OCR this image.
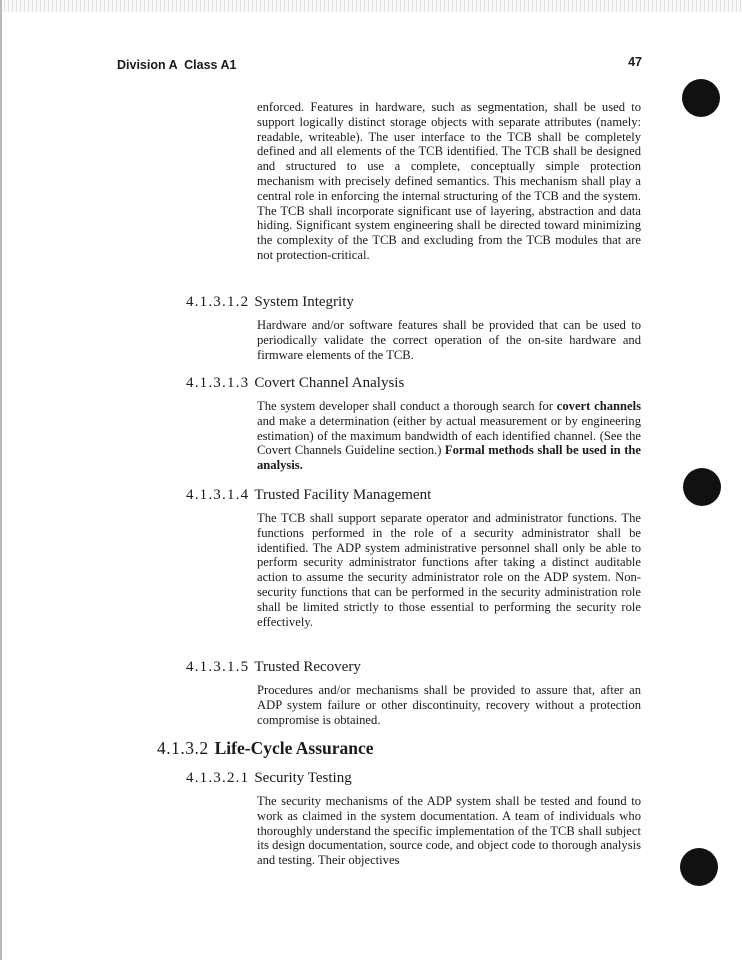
Division A  Class A1	47

enforced. Features in hardware, such as segmentation, shall be used to support logically distinct storage objects with separate attributes (namely: readable, writeable). The user interface to the TCB shall be completely defined and all elements of the TCB identified. The TCB shall be designed and structured to use a complete, conceptually simple protection mechanism with precisely defined semantics. This mechanism shall play a central role in enforcing the internal structuring of the TCB and the system. The TCB shall incorporate significant use of layering, abstraction and data hiding. Significant system engineering shall be directed toward minimizing the complexity of the TCB and excluding from the TCB modules that are not protection-critical.

4.1.3.1.2 System Integrity

Hardware and/or software features shall be provided that can be used to periodically validate the correct operation of the on-site hardware and firmware elements of the TCB.

4.1.3.1.3 Covert Channel Analysis

The system developer shall conduct a thorough search for covert channels and make a determination (either by actual measurement or by engineering estimation) of the maximum bandwidth of each identified channel. (See the Covert Channels Guideline section.) Formal methods shall be used in the analysis.

4.1.3.1.4 Trusted Facility Management

The TCB shall support separate operator and administrator functions. The functions performed in the role of a security administrator shall be identified. The ADP system administrative personnel shall only be able to perform security administrator functions after taking a distinct auditable action to assume the security administrator role on the ADP system. Non-security functions that can be performed in the security administration role shall be limited strictly to those essential to performing the security role effectively.

4.1.3.1.5 Trusted Recovery

Procedures and/or mechanisms shall be provided to assure that, after an ADP system failure or other discontinuity, recovery without a protection compromise is obtained.

4.1.3.2 Life-Cycle Assurance
4.1.3.2.1 Security Testing

The security mechanisms of the ADP system shall be tested and found to work as claimed in the system documentation. A team of individuals who thoroughly understand the specific implementation of the TCB shall subject its design documentation, source code, and object code to thorough analysis and testing. Their objectives
